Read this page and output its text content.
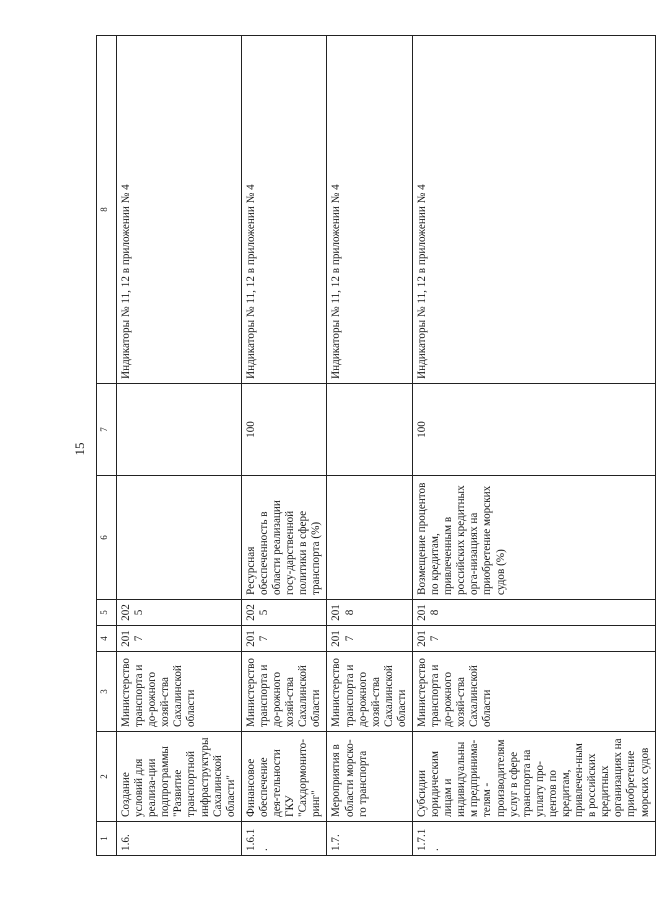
15
1	2	3	4	5	6	7	8
1.6.	Создание условий для реализа-ции подпрограммы "Развитие транспортной инфраструктуры Сахалинской области"	Министерство транспорта и до-рожного хозяй-ства Сахалинской области	2017	2025			Индикаторы № 11, 12 в приложении № 4
1.6.1.	Финансовое обеспечение дея-тельности ГКУ "Сахдормонито-ринг"	Министерство транспорта и до-рожного хозяй-ства Сахалинской области	2017	2025	Ресурсная обеспеченность в области реализации госу-дарственной политики в сфере транспорта (%)	100	Индикаторы № 11, 12 в приложении № 4
1.7.	Мероприятия в области морско-го транспорта	Министерство транспорта и до-рожного хозяй-ства Сахалинской области	2017	2018			Индикаторы № 11, 12 в приложении № 4
1.7.1.	Субсидии юридическим лицам и индивидуальным предпринима-телям - производителям услуг в сфере транспорта на уплату про-центов по кредитам, привлечен-ным в российских кредитных организациях на приобретение морских судов	Министерство транспорта и до-рожного хозяй-ства Сахалинской области	2017	2018	Возмещение процентов по кредитам, привлеченным в российских кредитных орга-низациях на приобретение морских судов (%)	100	Индикаторы № 11, 12 в приложении № 4
